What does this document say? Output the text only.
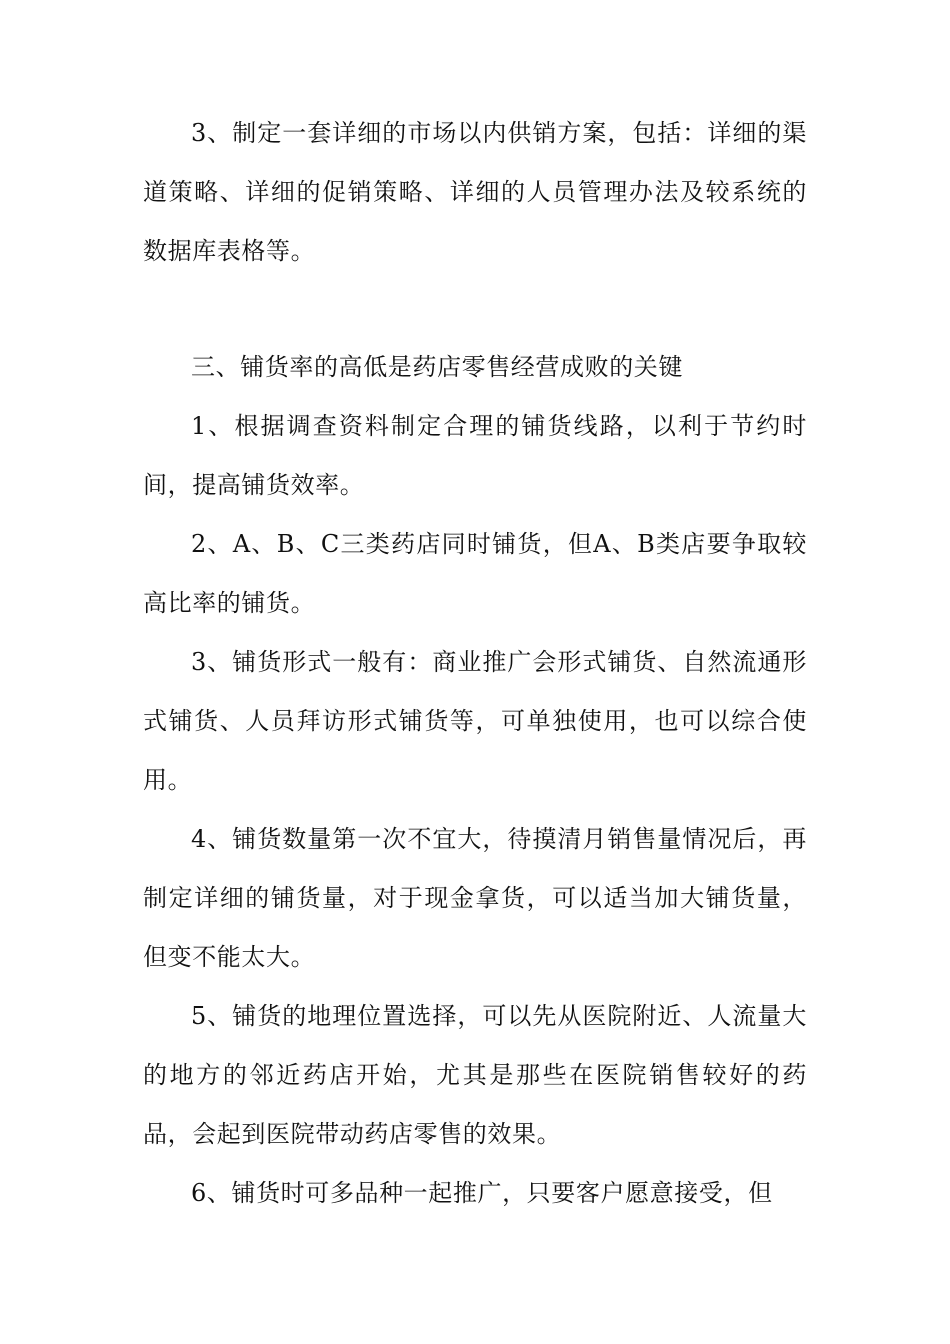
3、制定一套详细的市场以内供销方案，包括：详细的渠道策略、详细的促销策略、详细的人员管理办法及较系统的数据库表格等。

三、铺货率的高低是药店零售经营成败的关键

1、根据调查资料制定合理的铺货线路，以利于节约时间，提高铺货效率。

2、A、B、C三类药店同时铺货，但A、B类店要争取较高比率的铺货。

3、铺货形式一般有：商业推广会形式铺货、自然流通形式铺货、人员拜访形式铺货等，可单独使用，也可以综合使用。

4、铺货数量第一次不宜大，待摸清月销售量情况后，再制定详细的铺货量，对于现金拿货，可以适当加大铺货量，但变不能太大。

5、铺货的地理位置选择，可以先从医院附近、人流量大的地方的邻近药店开始，尤其是那些在医院销售较好的药品，会起到医院带动药店零售的效果。

6、铺货时可多品种一起推广，只要客户愿意接受，但
